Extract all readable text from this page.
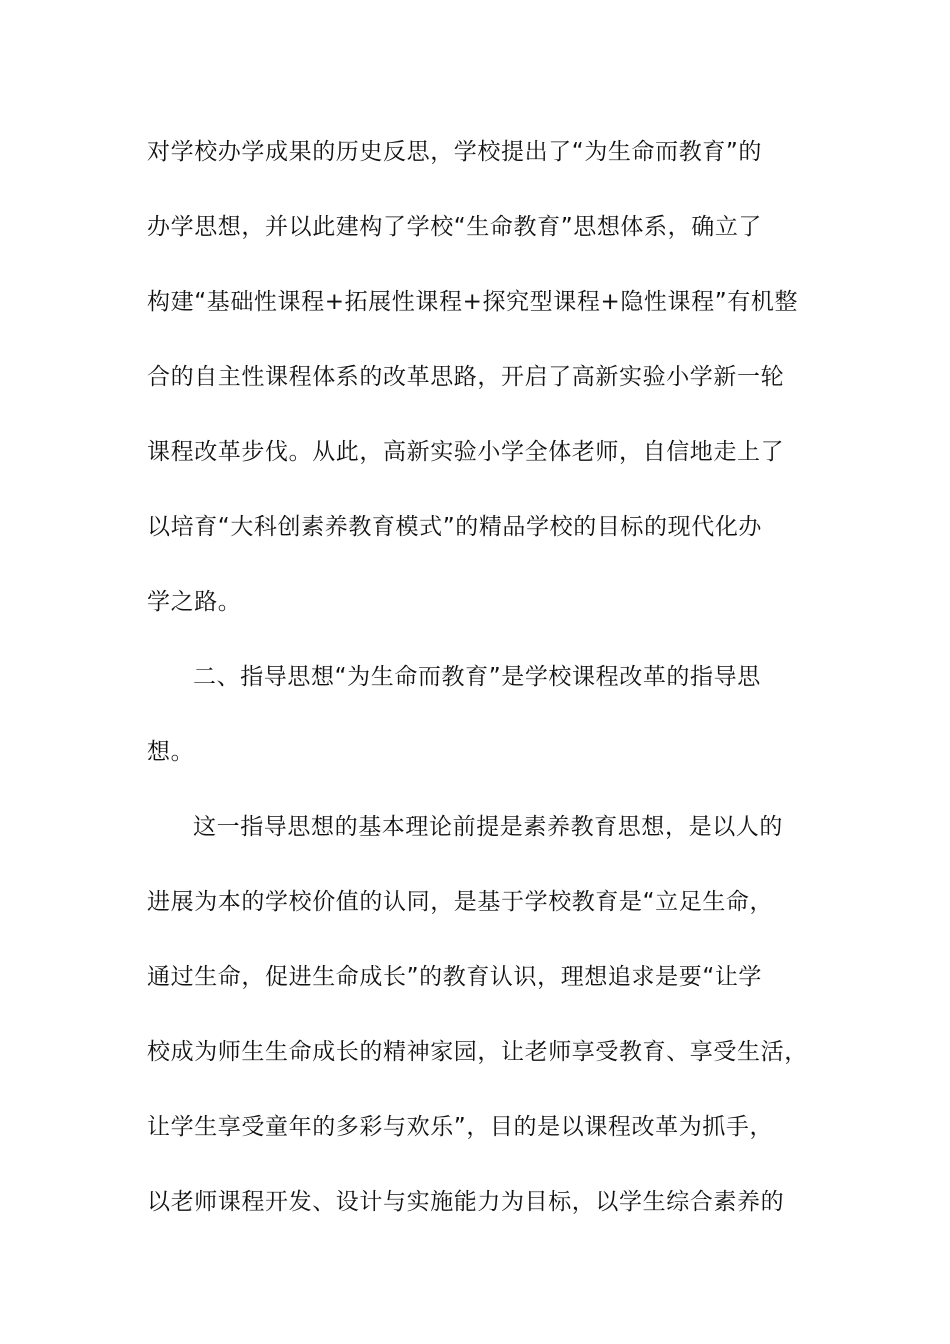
对学校办学成果的历史反思，学校提出了“为生命而教育”的
办学思想，并以此建构了学校“生命教育”思想体系，确立了
构建“基础性课程+拓展性课程+探究型课程+隐性课程”有机整
合的自主性课程体系的改革思路，开启了高新实验小学新一轮
课程改革步伐。从此，高新实验小学全体老师，自信地走上了
以培育“大科创素养教育模式”的精品学校的目标的现代化办
学之路。
二、指导思想“为生命而教育”是学校课程改革的指导思
想。
这一指导思想的基本理论前提是素养教育思想，是以人的
进展为本的学校价值的认同，是基于学校教育是“立足生命，
通过生命，促进生命成长”的教育认识，理想追求是要“让学
校成为师生生命成长的精神家园，让老师享受教育、享受生活，
让学生享受童年的多彩与欢乐”，目的是以课程改革为抓手，
以老师课程开发、设计与实施能力为目标，以学生综合素养的
